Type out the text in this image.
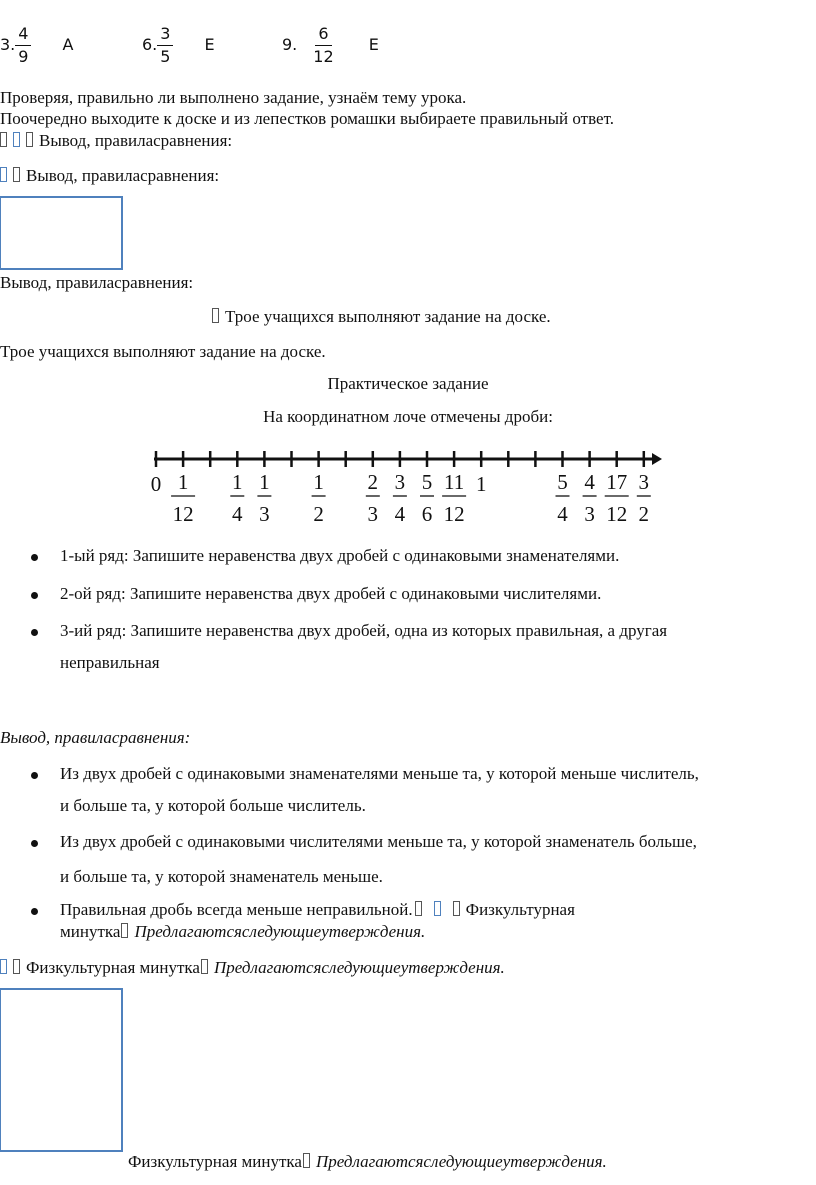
3. $\frac{4}{9}$ А	6. $\frac{3}{5}$ Е	9. $\frac{6}{12}$ Е
Проверяя, правильно ли выполнено задание, узнаём тему урока.
Поочередно выходите к доске и из лепестков ромашки выбираете правильный ответ.
Вывод, правиласравнения:
Вывод, правиласравнения:
Вывод, правиласравнения:
Трое учащихся выполняют задание на доске.
Трое учащихся выполняют задание на доске.
Практическое задание
На координатном лоче отмечены дроби:
0 1
12
1
4
1
3
1
2
2
3
3
4
5
6
11
12
1	5
4
4
3
17
12
3
2
1-ый ряд: Запишите неравенства двух дробей с одинаковыми знаменателями.
2-ой ряд: Запишите неравенства двух дробей с одинаковыми числителями.
3-ий ряд: Запишите неравенства двух дробей, одна из которых правильная, а другая
неправильная
Вывод, правиласравнения:
Из двух дробей с одинаковыми знаменателями меньше та, у которой меньше числитель,
и больше та, у которой больше числитель.
Из двух дробей с одинаковыми числителями меньше та, у которой знаменатель больше,
и больше та, у которой знаменатель меньше.
Правильная дробь всегда меньше неправильной.	Физкультурная
минутка Предлагаютсяследующиеутверждения.
Физкультурная минутка Предлагаютсяследующиеутверждения.
Физкультурная минутка Предлагаютсяследующиеутверждения.
